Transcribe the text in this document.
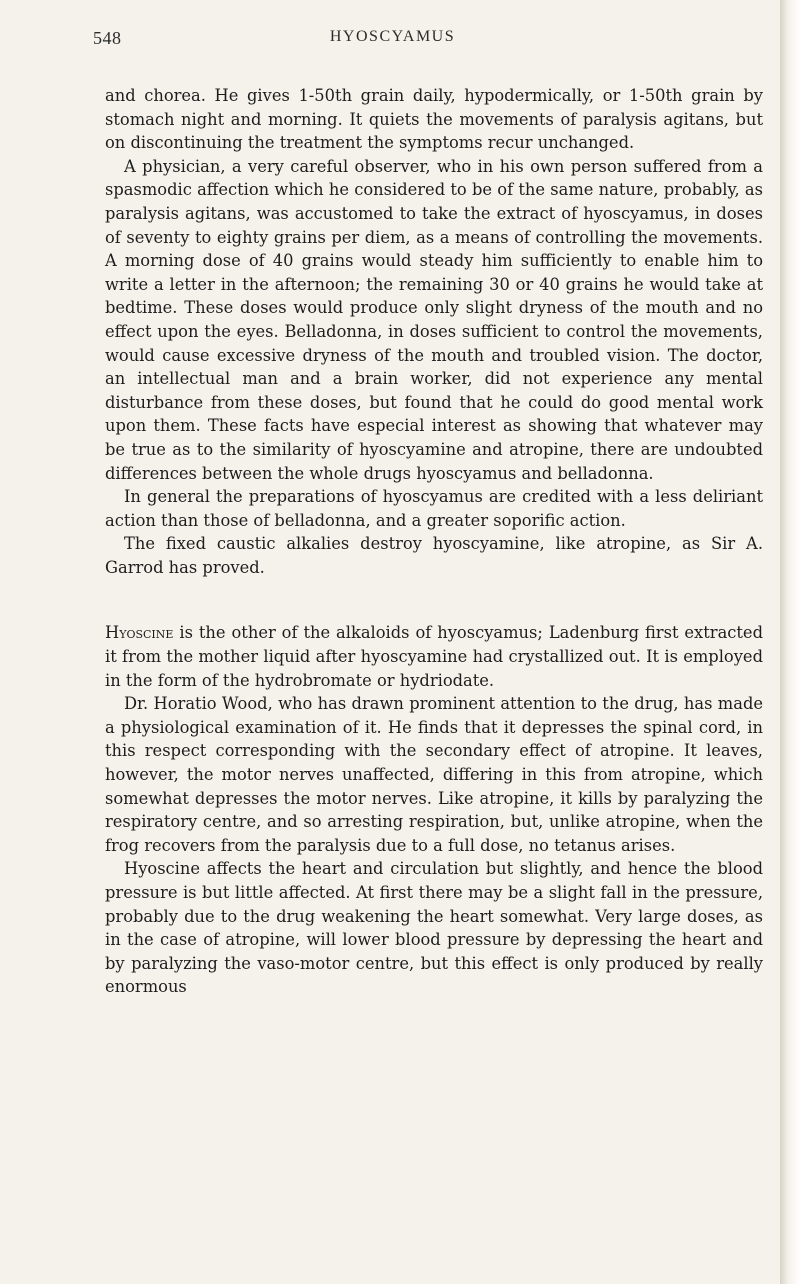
548	HYOSCYAMUS

and chorea. He gives 1-50th grain daily, hypodermically, or 1-50th grain by stomach night and morning. It quiets the movements of paralysis agitans, but on discontinuing the treatment the symptoms recur unchanged.

A physician, a very careful observer, who in his own person suffered from a spasmodic affection which he considered to be of the same nature, probably, as paralysis agitans, was accustomed to take the extract of hyoscyamus, in doses of seventy to eighty grains per diem, as a means of controlling the movements. A morning dose of 40 grains would steady him sufficiently to enable him to write a letter in the afternoon; the remaining 30 or 40 grains he would take at bedtime. These doses would produce only slight dryness of the mouth and no effect upon the eyes. Belladonna, in doses sufficient to control the movements, would cause excessive dryness of the mouth and troubled vision. The doctor, an intellectual man and a brain worker, did not experience any mental disturbance from these doses, but found that he could do good mental work upon them. These facts have especial interest as showing that whatever may be true as to the similarity of hyoscyamine and atropine, there are undoubted differences between the whole drugs hyoscyamus and belladonna.

In general the preparations of hyoscyamus are credited with a less deliriant action than those of belladonna, and a greater soporific action.

The fixed caustic alkalies destroy hyoscyamine, like atropine, as Sir A. Garrod has proved.

Hyoscine is the other of the alkaloids of hyoscyamus; Ladenburg first extracted it from the mother liquid after hyoscyamine had crystallized out. It is employed in the form of the hydrobromate or hydriodate.

Dr. Horatio Wood, who has drawn prominent attention to the drug, has made a physiological examination of it. He finds that it depresses the spinal cord, in this respect corresponding with the secondary effect of atropine. It leaves, however, the motor nerves unaffected, differing in this from atropine, which somewhat depresses the motor nerves. Like atropine, it kills by paralyzing the respiratory centre, and so arresting respiration, but, unlike atropine, when the frog recovers from the paralysis due to a full dose, no tetanus arises.

Hyoscine affects the heart and circulation but slightly, and hence the blood pressure is but little affected. At first there may be a slight fall in the pressure, probably due to the drug weakening the heart somewhat. Very large doses, as in the case of atropine, will lower blood pressure by depressing the heart and by paralyzing the vaso-motor centre, but this effect is only produced by really enormous
